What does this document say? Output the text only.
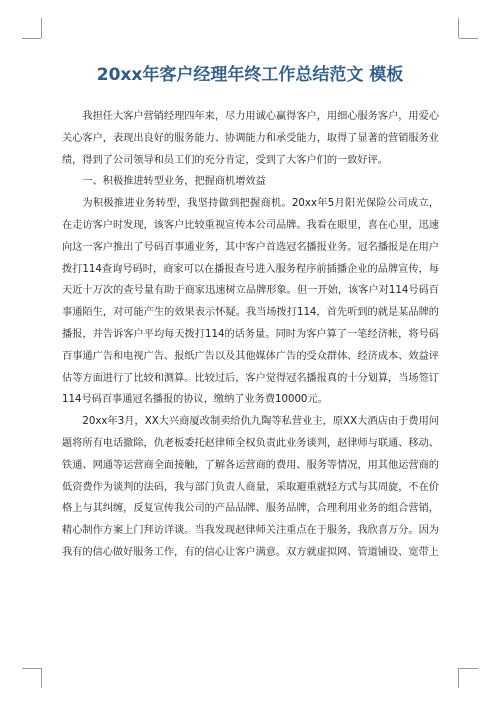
20xx年客户经理年终工作总结范文 模板

我担任大客户营销经理四年来，尽力用诚心赢得客户，用细心服务客户，用爱心关心客户，表现出良好的服务能力、协调能力和承受能力，取得了显著的营销服务业绩，得到了公司领导和员工们的充分肯定，受到了大客户们的一致好评。

一、积极推进转型业务，把握商机增效益

为积极推进业务转型，我坚持做到把握商机。20xx年5月阳光保险公司成立，在走访客户时发现，该客户比较重视宣传本公司品牌。我看在眼里，喜在心里，迅速向这一客户推出了号码百事通业务，其中客户首选冠名播报业务。冠名播报是在用户拨打114查询号码时，商家可以在播报查号进入服务程序前插播企业的品牌宣传，每天近十万次的查号量有助于商家迅速树立品牌形象。但一开始，该客户对114号码百事通陌生，对可能产生的效果表示怀疑。我当场拨打114，首先听到的就是某品牌的播报，并告诉客户平均每天拨打114的话务量。同时为客户算了一笔经济帐，将号码百事通广告和电视广告、报纸广告以及其他媒体广告的受众群体、经济成本、效益评估等方面进行了比较和测算。比较过后，客户觉得冠名播报真的十分划算，当场签订114号码百事通冠名播报的协议，缴纳了业务费10000元。

20xx年3月，XX大兴商厦改制卖给仇九陶等私营业主，原XX大酒店由于费用问题将所有电话撤除，仇老板委托赵律师全权负责此业务谈判，赵律师与联通、移动、铁通、网通等运营商全面接触，了解各运营商的费用、服务等情况，用其他运营商的低资费作为谈判的法码，我与部门负责人商量，采取避重就轻方式与其周旋，不在价格上与其纠缠，反复宣传我公司的产品品牌、服务品牌，合理利用业务的组合营销，精心制作方案上门拜访详谈。当我发现赵律师关注重点在于服务，我欣喜万分。因为我有的信心做好服务工作，有的信心让客户满意。双方就虚拟网、管道铺设、宽带上
